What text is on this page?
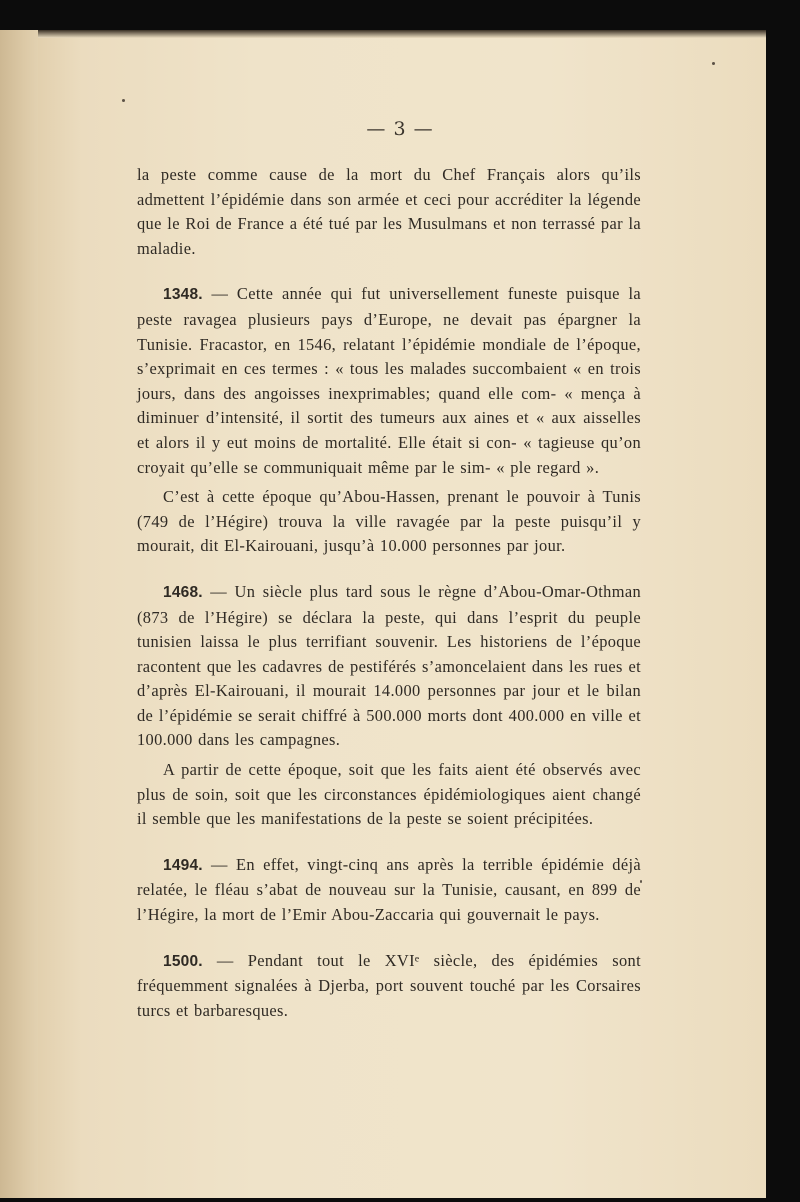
— 3 —

la peste comme cause de la mort du Chef Français alors qu’ils admettent l’épidémie dans son armée et ceci pour accréditer la légende que le Roi de France a été tué par les Musulmans et non terrassé par la maladie.

1348. — Cette année qui fut universellement funeste puisque la peste ravagea plusieurs pays d’Europe, ne devait pas épargner la Tunisie. Fracastor, en 1546, relatant l’épidémie mondiale de l’époque, s’exprimait en ces termes : « tous les malades succombaient « en trois jours, dans des angoisses inexprimables; quand elle com- « mença à diminuer d’intensité, il sortit des tumeurs aux aines et « aux aisselles et alors il y eut moins de mortalité. Elle était si con- « tagieuse qu’on croyait qu’elle se communiquait même par le sim- « ple regard ».

C’est à cette époque qu’Abou-Hassen, prenant le pouvoir à Tunis (749 de l’Hégire) trouva la ville ravagée par la peste puisqu’il y mourait, dit El-Kairouani, jusqu’à 10.000 personnes par jour.

1468. — Un siècle plus tard sous le règne d’Abou-Omar-Othman (873 de l’Hégire) se déclara la peste, qui dans l’esprit du peuple tunisien laissa le plus terrifiant souvenir. Les historiens de l’époque racontent que les cadavres de pestiférés s’amoncelaient dans les rues et d’après El-Kairouani, il mourait 14.000 personnes par jour et le bilan de l’épidémie se serait chiffré à 500.000 morts dont 400.000 en ville et 100.000 dans les campagnes.

A partir de cette époque, soit que les faits aient été observés avec plus de soin, soit que les circonstances épidémiologiques aient changé il semble que les manifestations de la peste se soient précipitées.

1494. — En effet, vingt-cinq ans après la terrible épidémie déjà relatée, le fléau s’abat de nouveau sur la Tunisie, causant, en 899 de l’Hégire, la mort de l’Emir Abou-Zaccaria qui gouvernait le pays.

1500. — Pendant tout le XVIᵉ siècle, des épidémies sont fréquemment signalées à Djerba, port souvent touché par les Corsaires turcs et barbaresques.
